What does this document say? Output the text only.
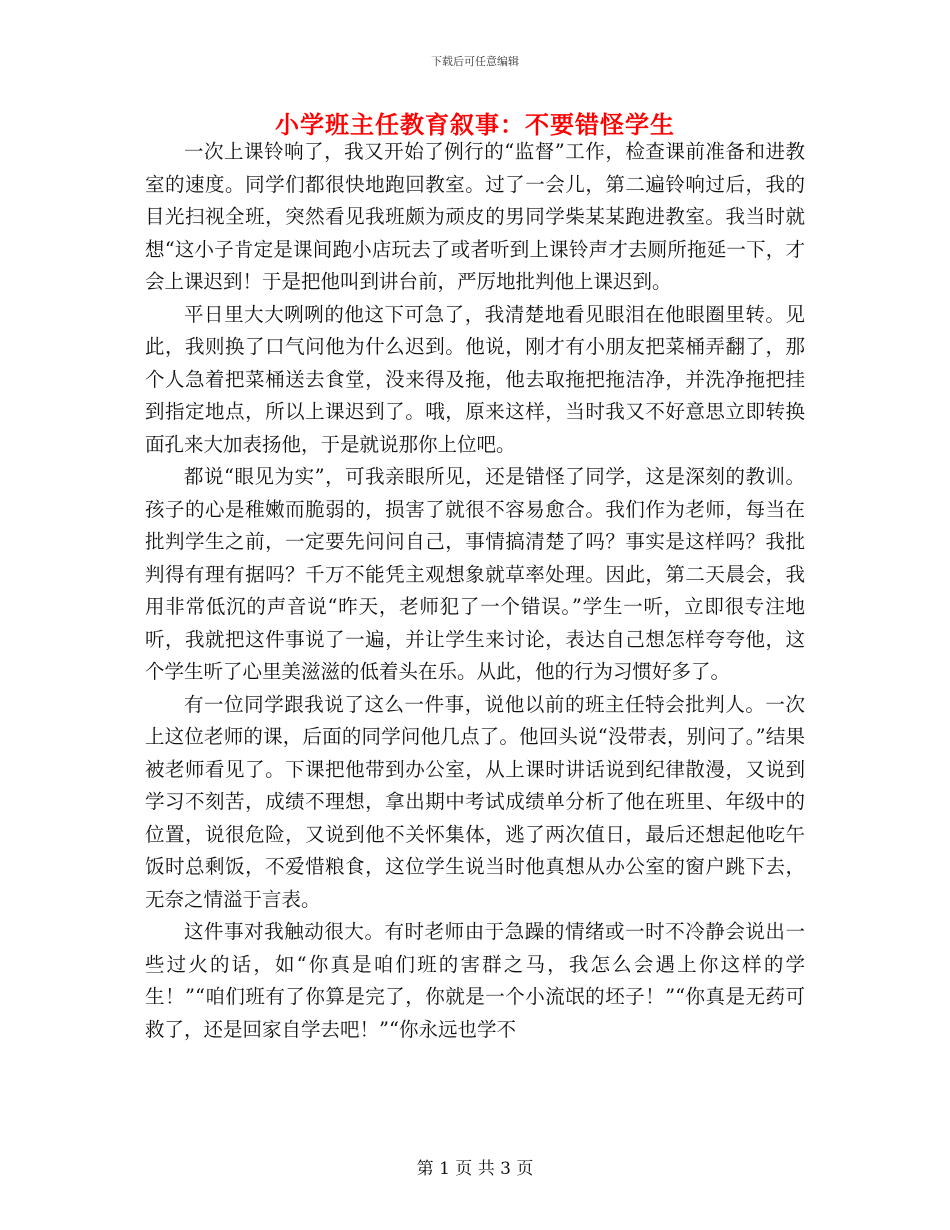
下载后可任意编辑
小学班主任教育叙事：不要错怪学生

一次上课铃响了，我又开始了例行的“监督”工作，检查课前准备和进教室的速度。同学们都很快地跑回教室。过了一会儿，第二遍铃响过后，我的目光扫视全班，突然看见我班颇为顽皮的男同学柴某某跑进教室。我当时就想“这小子肯定是课间跑小店玩去了或者听到上课铃声才去厕所拖延一下，才会上课迟到！于是把他叫到讲台前，严厉地批判他上课迟到。

平日里大大咧咧的他这下可急了，我清楚地看见眼泪在他眼圈里转。见此，我则换了口气问他为什么迟到。他说，刚才有小朋友把菜桶弄翻了，那个人急着把菜桶送去食堂，没来得及拖，他去取拖把拖洁净，并洗净拖把挂到指定地点，所以上课迟到了。哦，原来这样，当时我又不好意思立即转换面孔来大加表扬他，于是就说那你上位吧。

都说“眼见为实”，可我亲眼所见，还是错怪了同学，这是深刻的教训。孩子的心是稚嫩而脆弱的，损害了就很不容易愈合。我们作为老师，每当在批判学生之前，一定要先问问自己，事情搞清楚了吗？事实是这样吗？我批判得有理有据吗？千万不能凭主观想象就草率处理。因此，第二天晨会，我用非常低沉的声音说“昨天，老师犯了一个错误。”学生一听，立即很专注地听，我就把这件事说了一遍，并让学生来讨论，表达自己想怎样夸夸他，这个学生听了心里美滋滋的低着头在乐。从此，他的行为习惯好多了。

有一位同学跟我说了这么一件事，说他以前的班主任特会批判人。一次上这位老师的课，后面的同学问他几点了。他回头说“没带表，别问了。”结果被老师看见了。下课把他带到办公室，从上课时讲话说到纪律散漫，又说到学习不刻苦，成绩不理想，拿出期中考试成绩单分析了他在班里、年级中的位置，说很危险，又说到他不关怀集体，逃了两次值日，最后还想起他吃午饭时总剩饭，不爱惜粮食，这位学生说当时他真想从办公室的窗户跳下去，无奈之情溢于言表。

这件事对我触动很大。有时老师由于急躁的情绪或一时不冷静会说出一些过火的话，如“你真是咱们班的害群之马，我怎么会遇上你这样的学生！”“咱们班有了你算是完了，你就是一个小流氓的坯子！”“你真是无药可救了，还是回家自学去吧！”“你永远也学不

第 1 页 共 3 页
